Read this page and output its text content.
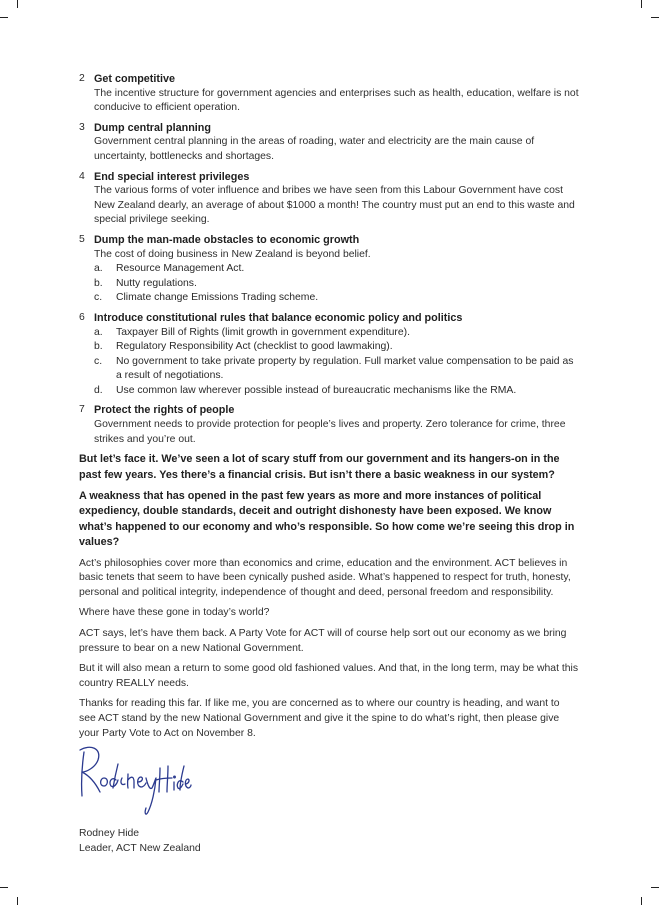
2 Get competitive
The incentive structure for government agencies and enterprises such as health, education, welfare is not conducive to efficient operation.
3 Dump central planning
Government central planning in the areas of roading, water and electricity are the main cause of uncertainty, bottlenecks and shortages.
4 End special interest privileges
The various forms of voter influence and bribes we have seen from this Labour Government have cost New Zealand dearly, an average of about $1000 a month! The country must put an end to this waste and special privilege seeking.
5 Dump the man-made obstacles to economic growth
The cost of doing business in New Zealand is beyond belief.
a. Resource Management Act.
b. Nutty regulations.
c. Climate change Emissions Trading scheme.
6 Introduce constitutional rules that balance economic policy and politics
a. Taxpayer Bill of Rights (limit growth in government expenditure).
b. Regulatory Responsibility Act (checklist to good lawmaking).
c. No government to take private property by regulation. Full market value compensation to be paid as a result of negotiations.
d. Use common law wherever possible instead of bureaucratic mechanisms like the RMA.
7 Protect the rights of people
Government needs to provide protection for people’s lives and property. Zero tolerance for crime, three strikes and you’re out.

But let’s face it. We’ve seen a lot of scary stuff from our government and its hangers-on in the past few years. Yes there’s a financial crisis. But isn’t there a basic weakness in our system?

A weakness that has opened in the past few years as more and more instances of political expediency, double standards, deceit and outright dishonesty have been exposed. We know what’s happened to our economy and who’s responsible. So how come we’re seeing this drop in values?

Act’s philosophies cover more than economics and crime, education and the environment. ACT believes in basic tenets that seem to have been cynically pushed aside. What’s happened to respect for truth, honesty, personal and political integrity, independence of thought and deed, personal freedom and responsibility.

Where have these gone in today’s world?

ACT says, let’s have them back. A Party Vote for ACT will of course help sort out our economy as we bring pressure to bear on a new National Government.

But it will also mean a return to some good old fashioned values. And that, in the long term, may be what this country REALLY needs.

Thanks for reading this far. If like me, you are concerned as to where our country is heading, and want to see ACT stand by the new National Government and give it the spine to do what’s right, then please give your Party Vote to Act on November 8.

Rodney Hide
Leader, ACT New Zealand
